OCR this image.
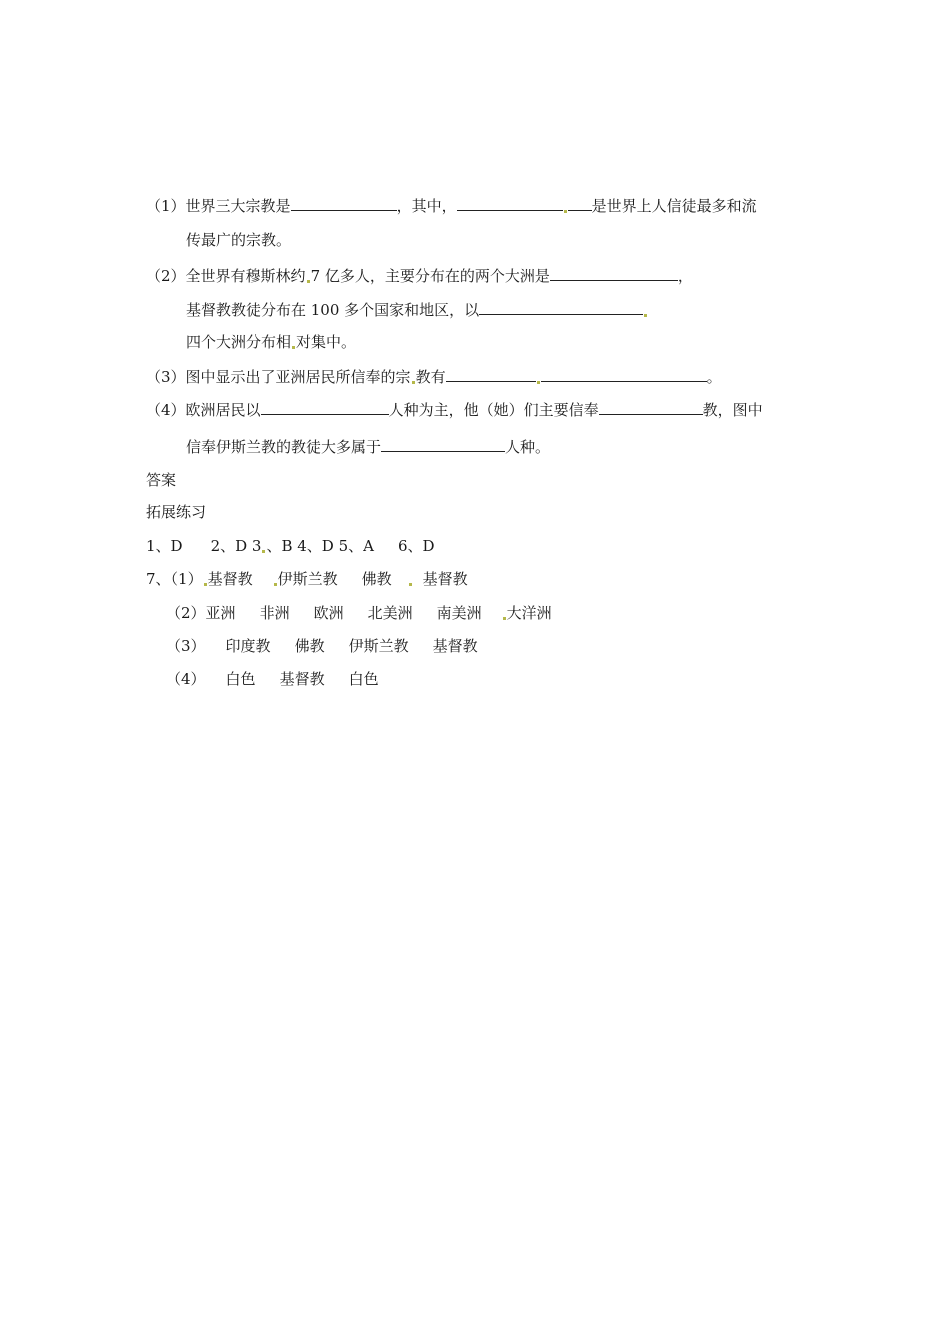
（1）世界三大宗教是	，其中，	是世界上人信徒最多和流
传最广的宗教。
（2）全世界有穆斯林约 7 亿多人，主要分布在的两个大洲是	，
基督教教徒分布在 100 多个国家和地区，以
四个大洲分布相 对集中。
（3）图中显示出了亚洲居民所信奉的宗 教有	。
（4）欧洲居民以	人种为主，他（她）们主要信奉	教，图中
信奉伊斯兰教的教徒大多属于	人种。
答案
拓展练习
1、D 2、D 3 、B 4、D 5、A 6、D
7、（1） 基督教 伊斯兰教 佛教 基督教
（2）亚洲 非洲 欧洲 北美洲 南美洲 大洋洲
（3） 印度教 佛教 伊斯兰教 基督教
（4） 白色 基督教 白色
